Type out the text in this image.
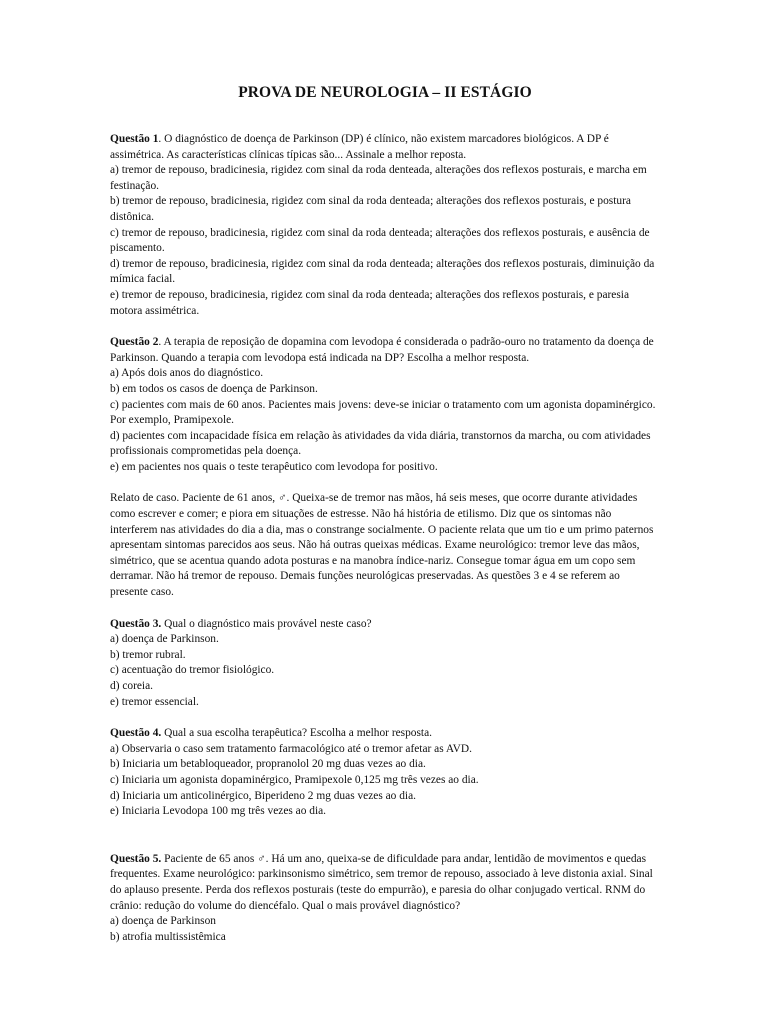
PROVA DE NEUROLOGIA – II ESTÁGIO

Questão 1. O diagnóstico de doença de Parkinson (DP) é clínico, não existem marcadores biológicos. A DP é assimétrica. As características clínicas típicas são... Assinale a melhor reposta.

a) tremor de repouso, bradicinesia, rigidez com sinal da roda denteada, alterações dos reflexos posturais, e marcha em festinação.
b) tremor de repouso, bradicinesia, rigidez com sinal da roda denteada; alterações dos reflexos posturais, e postura distônica.
c) tremor de repouso, bradicinesia, rigidez com sinal da roda denteada; alterações dos reflexos posturais, e ausência de piscamento.
d) tremor de repouso, bradicinesia, rigidez com sinal da roda denteada; alterações dos reflexos posturais, diminuição da mímica facial.
e) tremor de repouso, bradicinesia, rigidez com sinal da roda denteada; alterações dos reflexos posturais, e paresia motora assimétrica.

Questão 2. A terapia de reposição de dopamina com levodopa é considerada o padrão-ouro no tratamento da doença de Parkinson. Quando a terapia com levodopa está indicada na DP? Escolha a melhor resposta.

a) Após dois anos do diagnóstico.
b) em todos os casos de doença de Parkinson.
c) pacientes com mais de 60 anos. Pacientes mais jovens: deve-se iniciar o tratamento com um agonista dopaminérgico. Por exemplo, Pramipexole.
d) pacientes com incapacidade física em relação às atividades da vida diária, transtornos da marcha, ou com atividades profissionais comprometidas pela doença.
e) em pacientes nos quais o teste terapêutico com levodopa for positivo.

Relato de caso. Paciente de 61 anos, ♂. Queixa-se de tremor nas mãos, há seis meses, que ocorre durante atividades como escrever e comer; e piora em situações de estresse. Não há história de etilismo. Diz que os sintomas não interferem nas atividades do dia a dia, mas o constrange socialmente. O paciente relata que um tio e um primo paternos apresentam sintomas parecidos aos seus. Não há outras queixas médicas. Exame neurológico: tremor leve das mãos, simétrico, que se acentua quando adota posturas e na manobra índice-nariz. Consegue tomar água em um copo sem derramar. Não há tremor de repouso. Demais funções neurológicas preservadas. As questões 3 e 4 se referem ao presente caso.

Questão 3. Qual o diagnóstico mais provável neste caso?

a) doença de Parkinson.
b) tremor rubral.
c) acentuação do tremor fisiológico.
d) coreia.
e) tremor essencial.

Questão 4. Qual a sua escolha terapêutica? Escolha a melhor resposta.

a) Observaria o caso sem tratamento farmacológico até o tremor afetar as AVD.
b) Iniciaria um betabloqueador, propranolol 20 mg duas vezes ao dia.
c) Iniciaria um agonista dopaminérgico, Pramipexole 0,125 mg três vezes ao dia.
d) Iniciaria um anticolinérgico, Biperideno 2 mg duas vezes ao dia.
e) Iniciaria Levodopa 100 mg três vezes ao dia.

Questão 5. Paciente de 65 anos ♂. Há um ano, queixa-se de dificuldade para andar, lentidão de movimentos e quedas frequentes. Exame neurológico: parkinsonismo simétrico, sem tremor de repouso, associado à leve distonia axial. Sinal do aplauso presente. Perda dos reflexos posturais (teste do empurrão), e paresia do olhar conjugado vertical. RNM do crânio: redução do volume do diencéfalo. Qual o mais provável diagnóstico?

a) doença de Parkinson
b) atrofia multissistêmica
